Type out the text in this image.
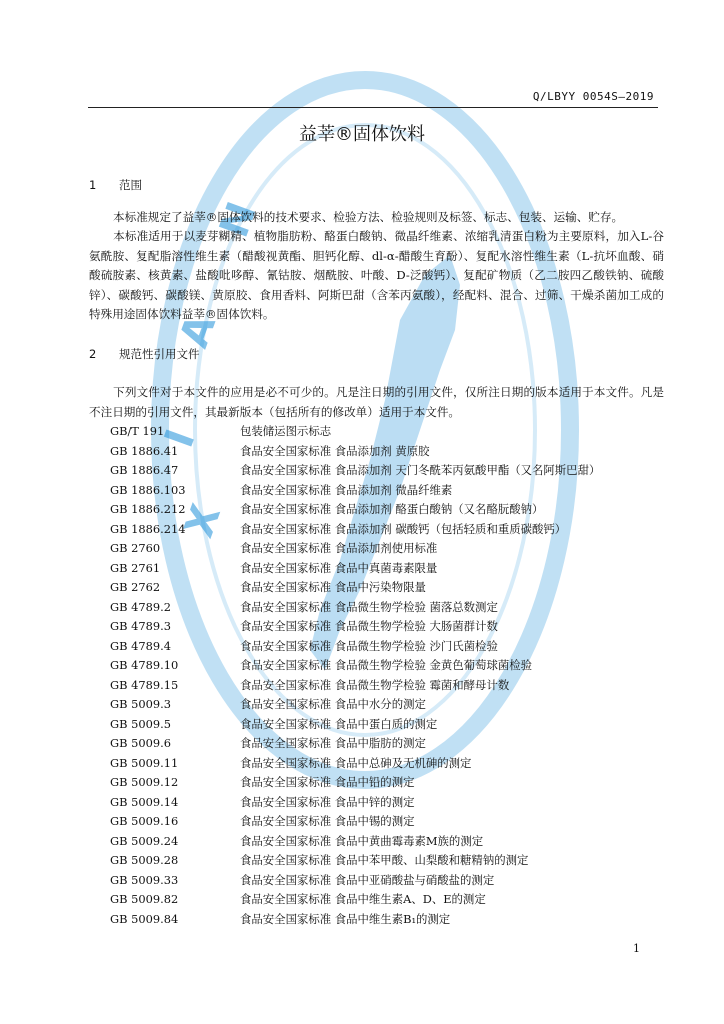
X
I
A
N
Q/LBYY 0054S—2019
益莘®固体饮料
1 范围
本标准规定了益莘®固体饮料的技术要求、检验方法、检验规则及标签、标志、包装、运输、贮存。
本标准适用于以麦芽糊精、植物脂肪粉、酪蛋白酸钠、微晶纤维素、浓缩乳清蛋白粉为主要原料，加入L-谷氨酰胺、复配脂溶性维生素（醋酸视黄酯、胆钙化醇、dl-α-醋酸生育酚）、复配水溶性维生素（L-抗坏血酸、硝酸硫胺素、核黄素、盐酸吡哆醇、氰钴胺、烟酰胺、叶酸、D-泛酸钙）、复配矿物质（乙二胺四乙酸铁钠、硫酸锌）、碳酸钙、碳酸镁、黄原胶、食用香料、阿斯巴甜（含苯丙氨酸），经配料、混合、过筛、干燥杀菌加工成的特殊用途固体饮料益莘®固体饮料。
2 规范性引用文件
下列文件对于本文件的应用是必不可少的。凡是注日期的引用文件，仅所注日期的版本适用于本文件。凡是不注日期的引用文件，其最新版本（包括所有的修改单）适用于本文件。
GB/T 191	包装储运图示标志
GB 1886.41	食品安全国家标准 食品添加剂 黄原胶
GB 1886.47	食品安全国家标准 食品添加剂 天门冬酰苯丙氨酸甲酯（又名阿斯巴甜）
GB 1886.103	食品安全国家标准 食品添加剂 微晶纤维素
GB 1886.212	食品安全国家标准 食品添加剂 酪蛋白酸钠（又名酪朊酸钠）
GB 1886.214	食品安全国家标准 食品添加剂 碳酸钙（包括轻质和重质碳酸钙）
GB 2760	食品安全国家标准 食品添加剂使用标准
GB 2761	食品安全国家标准 食品中真菌毒素限量
GB 2762	食品安全国家标准 食品中污染物限量
GB 4789.2	食品安全国家标准 食品微生物学检验 菌落总数测定
GB 4789.3	食品安全国家标准 食品微生物学检验 大肠菌群计数
GB 4789.4	食品安全国家标准 食品微生物学检验 沙门氏菌检验
GB 4789.10	食品安全国家标准 食品微生物学检验 金黄色葡萄球菌检验
GB 4789.15	食品安全国家标准 食品微生物学检验 霉菌和酵母计数
GB 5009.3	食品安全国家标准 食品中水分的测定
GB 5009.5	食品安全国家标准 食品中蛋白质的测定
GB 5009.6	食品安全国家标准 食品中脂肪的测定
GB 5009.11	食品安全国家标准 食品中总砷及无机砷的测定
GB 5009.12	食品安全国家标准 食品中铅的测定
GB 5009.14	食品安全国家标准 食品中锌的测定
GB 5009.16	食品安全国家标准 食品中锡的测定
GB 5009.24	食品安全国家标准 食品中黄曲霉毒素M族的测定
GB 5009.28	食品安全国家标准 食品中苯甲酸、山梨酸和糖精钠的测定
GB 5009.33	食品安全国家标准 食品中亚硝酸盐与硝酸盐的测定
GB 5009.82	食品安全国家标准 食品中维生素A、D、E的测定
GB 5009.84	食品安全国家标准 食品中维生素B₁的测定
1
